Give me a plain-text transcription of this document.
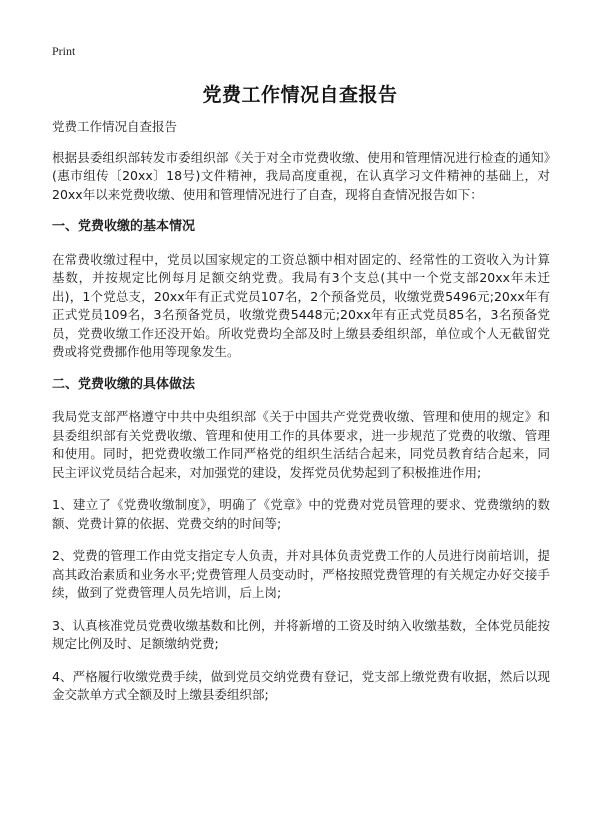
Print
党费工作情况自查报告

党费工作情况自查报告

根据县委组织部转发市委组织部《关于对全市党费收缴、使用和管理情况进行检查的通知》(惠市组传〔20xx〕18号)文件精神，我局高度重视，在认真学习文件精神的基础上，对20xx年以来党费收缴、使用和管理情况进行了自查，现将自查情况报告如下：

一、党费收缴的基本情况

在常费收缴过程中，党员以国家规定的工资总额中相对固定的、经常性的工资收入为计算基数，并按规定比例每月足额交纳党费。我局有3个支总(其中一个党支部20xx年未迁出)，1个党总支，20xx年有正式党员107名，2个预备党员，收缴党费5496元;20xx年有正式党员109名，3名预备党员，收缴党费5448元;20xx年有正式党员85名，3名预备党员，党费收缴工作还没开始。所收党费均全部及时上缴县委组织部，单位或个人无截留党费或将党费挪作他用等现象发生。

二、党费收缴的具体做法

我局党支部严格遵守中共中央组织部《关于中国共产党党费收缴、管理和使用的规定》和县委组织部有关党费收缴、管理和使用工作的具体要求，进一步规范了党费的收缴、管理和使用。同时，把党费收缴工作同严格党的组织生活结合起来，同党员教育结合起来，同民主评议党员结合起来，对加强党的建设，发挥党员优势起到了积极推进作用;

1、建立了《党费收缴制度》，明确了《党章》中的党费对党员管理的要求、党费缴纳的数额、党费计算的依据、党费交纳的时间等;

2、党费的管理工作由党支指定专人负责，并对具体负责党费工作的人员进行岗前培训，提高其政治素质和业务水平;党费管理人员变动时，严格按照党费管理的有关规定办好交接手续，做到了党费管理人员先培训，后上岗;

3、认真核准党员党费收缴基数和比例，并将新增的工资及时纳入收缴基数，全体党员能按规定比例及时、足额缴纳党费;

4、严格履行收缴党费手续，做到党员交纳党费有登记，党支部上缴党费有收据，然后以现金交款单方式全额及时上缴县委组织部;
